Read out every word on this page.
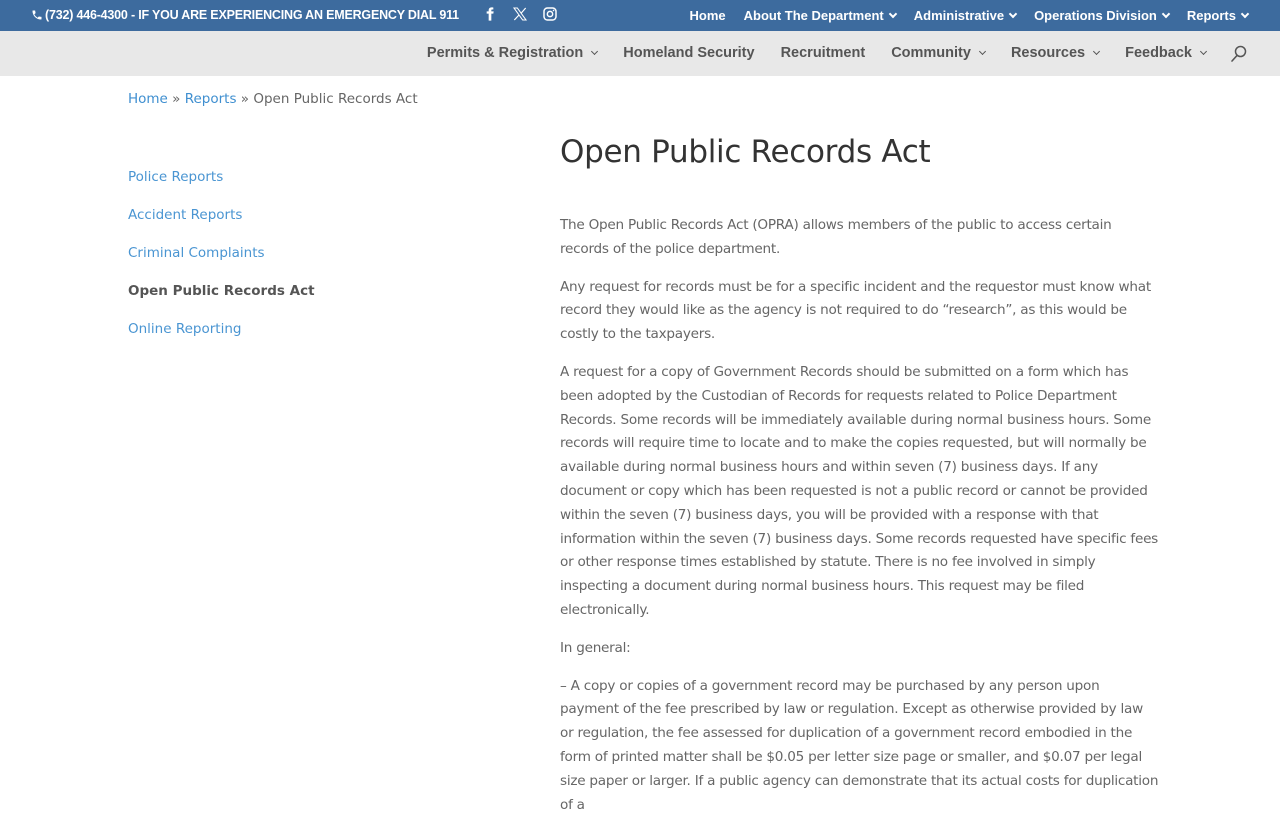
(732) 446-4300 - IF YOU ARE EXPERIENCING AN EMERGENCY DIAL 911	Home About The Department Administrative Operations Division Reports
Permits & Registration	Homeland Security Recruitment Community	Resources	Feedback
Home » Reports » Open Public Records Act
Police Reports
Accident Reports
Criminal Complaints
Open Public Records Act
Online Reporting
Open Public Records Act

The Open Public Records Act (OPRA) allows members of the public to access certain records of the police department.

Any request for records must be for a specific incident and the requestor must know what record they would like as the agency is not required to do “research”, as this would be costly to the taxpayers.

A request for a copy of Government Records should be submitted on a form which has been adopted by the Custodian of Records for requests related to Police Department Records. Some records will be immediately available during normal business hours. Some records will require time to locate and to make the copies requested, but will normally be available during normal business hours and within seven (7) business days. If any document or copy which has been requested is not a public record or cannot be provided within the seven (7) business days, you will be provided with a response with that information within the seven (7) business days. Some records requested have specific fees or other response times established by statute. There is no fee involved in simply inspecting a document during normal business hours. This request may be filed electronically.

In general:

– A copy or copies of a government record may be purchased by any person upon payment of the fee prescribed by law or regulation. Except as otherwise provided by law or regulation, the fee assessed for duplication of a government record embodied in the form of printed matter shall be $0.05 per letter size page or smaller, and $0.07 per legal size paper or larger. If a public agency can demonstrate that its actual costs for duplication of a
